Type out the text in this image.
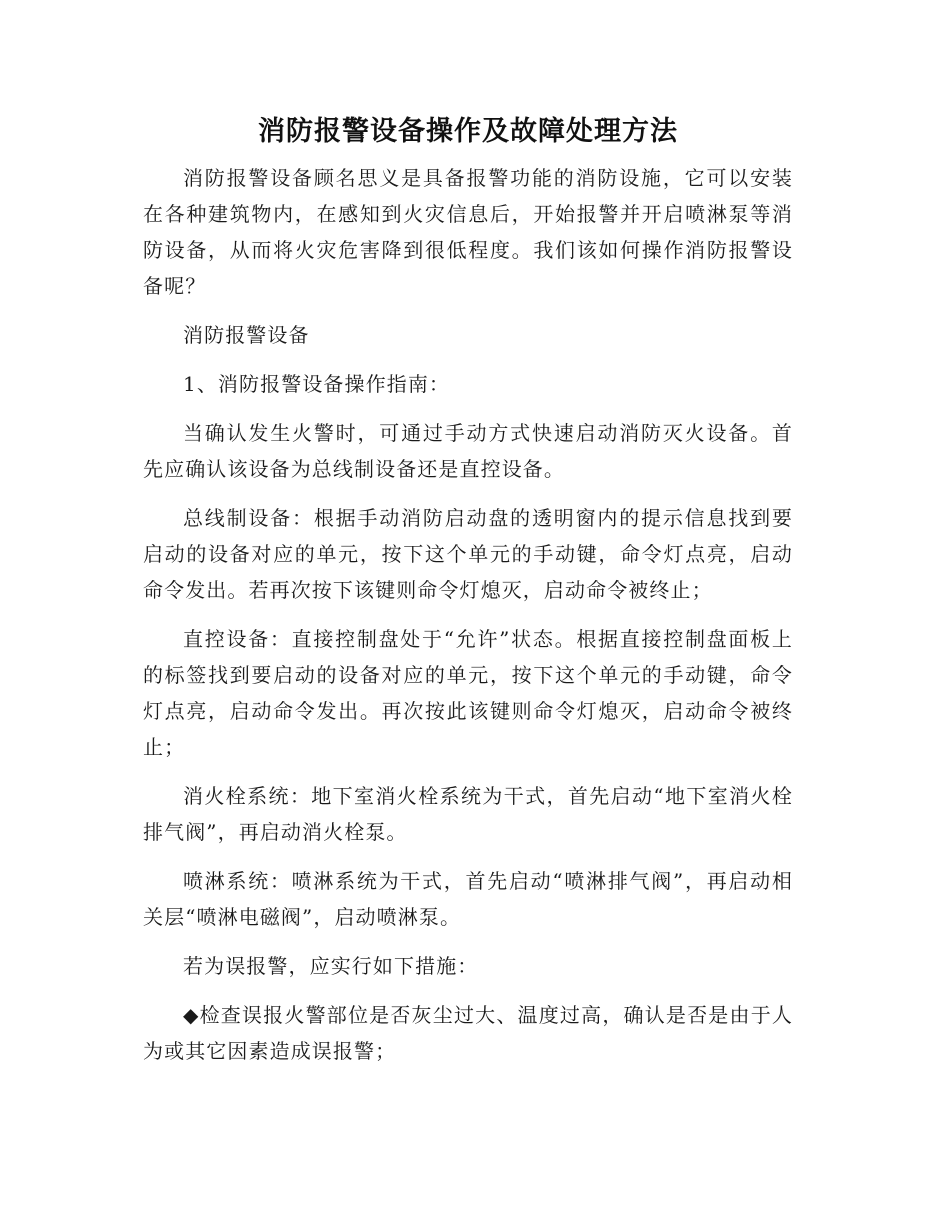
消防报警设备操作及故障处理方法

消防报警设备顾名思义是具备报警功能的消防设施，它可以安装在各种建筑物内，在感知到火灾信息后，开始报警并开启喷淋泵等消防设备，从而将火灾危害降到很低程度。我们该如何操作消防报警设备呢？

消防报警设备

1、消防报警设备操作指南：

当确认发生火警时，可通过手动方式快速启动消防灭火设备。首先应确认该设备为总线制设备还是直控设备。

总线制设备：根据手动消防启动盘的透明窗内的提示信息找到要启动的设备对应的单元，按下这个单元的手动键，命令灯点亮，启动命令发出。若再次按下该键则命令灯熄灭，启动命令被终止；

直控设备：直接控制盘处于“允许”状态。根据直接控制盘面板上的标签找到要启动的设备对应的单元，按下这个单元的手动键，命令灯点亮，启动命令发出。再次按此该键则命令灯熄灭，启动命令被终止；

消火栓系统：地下室消火栓系统为干式，首先启动“地下室消火栓排气阀”，再启动消火栓泵。

喷淋系统：喷淋系统为干式，首先启动“喷淋排气阀”，再启动相关层“喷淋电磁阀”，启动喷淋泵。

若为误报警，应实行如下措施：

◆检查误报火警部位是否灰尘过大、温度过高，确认是否是由于人为或其它因素造成误报警；
